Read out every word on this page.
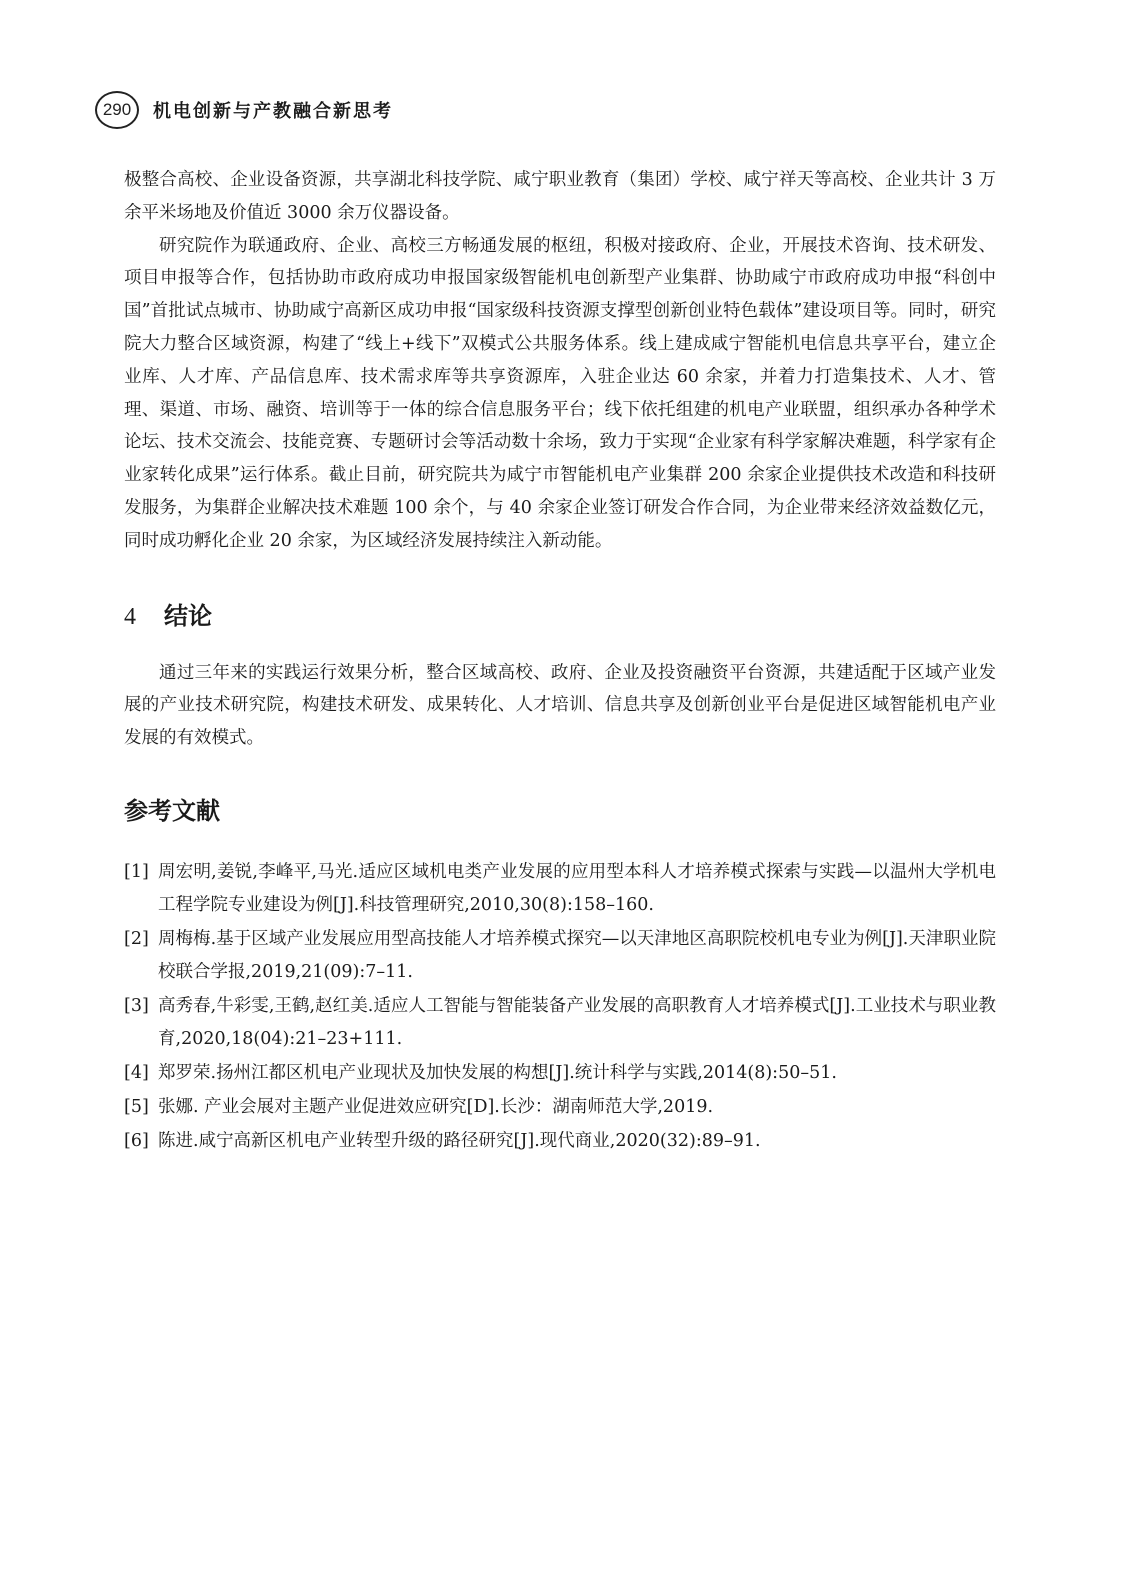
290	机电创新与产教融合新思考

极整合高校、企业设备资源，共享湖北科技学院、咸宁职业教育（集团）学校、咸宁祥天等高校、企业共计 3 万余平米场地及价值近 3000 余万仪器设备。

研究院作为联通政府、企业、高校三方畅通发展的枢纽，积极对接政府、企业，开展技术咨询、技术研发、项目申报等合作，包括协助市政府成功申报国家级智能机电创新型产业集群、协助咸宁市政府成功申报“科创中国”首批试点城市、协助咸宁高新区成功申报“国家级科技资源支撑型创新创业特色载体”建设项目等。同时，研究院大力整合区域资源，构建了“线上+线下”双模式公共服务体系。线上建成咸宁智能机电信息共享平台，建立企业库、人才库、产品信息库、技术需求库等共享资源库，入驻企业达 60 余家，并着力打造集技术、人才、管理、渠道、市场、融资、培训等于一体的综合信息服务平台；线下依托组建的机电产业联盟，组织承办各种学术论坛、技术交流会、技能竞赛、专题研讨会等活动数十余场，致力于实现“企业家有科学家解决难题，科学家有企业家转化成果”运行体系。截止目前，研究院共为咸宁市智能机电产业集群 200 余家企业提供技术改造和科技研发服务，为集群企业解决技术难题 100 余个，与 40 余家企业签订研发合作合同，为企业带来经济效益数亿元，同时成功孵化企业 20 余家，为区域经济发展持续注入新动能。

4	结论

通过三年来的实践运行效果分析，整合区域高校、政府、企业及投资融资平台资源，共建适配于区域产业发展的产业技术研究院，构建技术研发、成果转化、人才培训、信息共享及创新创业平台是促进区域智能机电产业发展的有效模式。

参考文献
[1] 周宏明,姜锐,李峰平,马光.适应区域机电类产业发展的应用型本科人才培养模式探索与实践—以温州大学机电工程学院专业建设为例[J].科技管理研究,2010,30(8):158–160.
[2] 周梅梅.基于区域产业发展应用型高技能人才培养模式探究—以天津地区高职院校机电专业为例[J].天津职业院校联合学报,2019,21(09):7–11.
[3] 高秀春,牛彩雯,王鹤,赵红美.适应人工智能与智能装备产业发展的高职教育人才培养模式[J].工业技术与职业教育,2020,18(04):21–23+111.
[4] 郑罗荣.扬州江都区机电产业现状及加快发展的构想[J].统计科学与实践,2014(8):50–51.
[5] 张娜. 产业会展对主题产业促进效应研究[D].长沙：湖南师范大学,2019.
[6] 陈进.咸宁高新区机电产业转型升级的路径研究[J].现代商业,2020(32):89–91.
